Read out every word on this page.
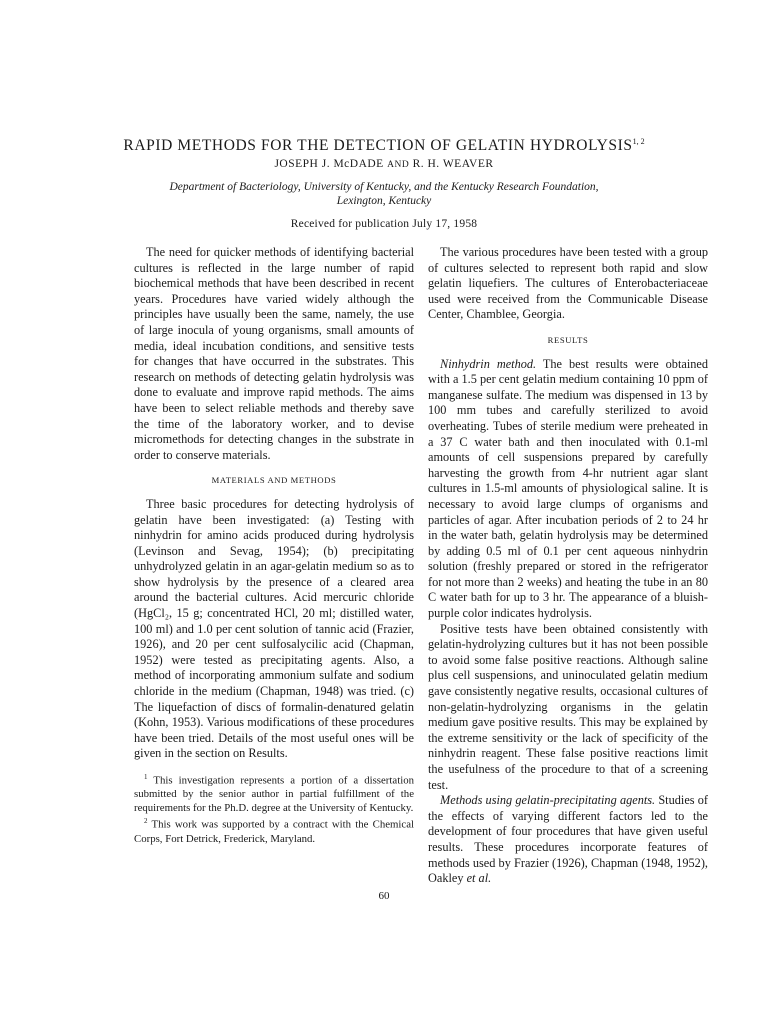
RAPID METHODS FOR THE DETECTION OF GELATIN HYDROLYSIS$^{1, 2}$
JOSEPH J. McDADE AND R. H. WEAVER
Department of Bacteriology, University of Kentucky, and the Kentucky Research Foundation, Lexington, Kentucky
Received for publication July 17, 1958

The need for quicker methods of identifying bacterial cultures is reflected in the large number of rapid biochemical methods that have been described in recent years. Procedures have varied widely although the principles have usually been the same, namely, the use of large inocula of young organisms, small amounts of media, ideal incubation conditions, and sensitive tests for changes that have occurred in the substrates. This research on methods of detecting gelatin hydrolysis was done to evaluate and improve rapid methods. The aims have been to select reliable methods and thereby save the time of the laboratory worker, and to devise micromethods for detecting changes in the substrate in order to conserve materials.

MATERIALS AND METHODS

Three basic procedures for detecting hydrolysis of gelatin have been investigated: (a) Testing with ninhydrin for amino acids produced during hydrolysis (Levinson and Sevag, 1954); (b) precipitating unhydrolyzed gelatin in an agar-gelatin medium so as to show hydrolysis by the presence of a cleared area around the bacterial cultures. Acid mercuric chloride (HgCl₂, 15 g; concentrated HCl, 20 ml; distilled water, 100 ml) and 1.0 per cent solution of tannic acid (Frazier, 1926), and 20 per cent sulfosalycilic acid (Chapman, 1952) were tested as precipitating agents. Also, a method of incorporating ammonium sulfate and sodium chloride in the medium (Chapman, 1948) was tried. (c) The liquefaction of discs of formalin-denatured gelatin (Kohn, 1953). Various modifications of these procedures have been tried. Details of the most useful ones will be given in the section on Results.

$^1$ This investigation represents a portion of a dissertation submitted by the senior author in partial fulfillment of the requirements for the Ph.D. degree at the University of Kentucky.

$^2$ This work was supported by a contract with the Chemical Corps, Fort Detrick, Frederick, Maryland.

The various procedures have been tested with a group of cultures selected to represent both rapid and slow gelatin liquefiers. The cultures of Enterobacteriaceae used were received from the Communicable Disease Center, Chamblee, Georgia.

RESULTS

Ninhydrin method. The best results were obtained with a 1.5 per cent gelatin medium containing 10 ppm of manganese sulfate. The medium was dispensed in 13 by 100 mm tubes and carefully sterilized to avoid overheating. Tubes of sterile medium were preheated in a 37 C water bath and then inoculated with 0.1-ml amounts of cell suspensions prepared by carefully harvesting the growth from 4-hr nutrient agar slant cultures in 1.5-ml amounts of physiological saline. It is necessary to avoid large clumps of organisms and particles of agar. After incubation periods of 2 to 24 hr in the water bath, gelatin hydrolysis may be determined by adding 0.5 ml of 0.1 per cent aqueous ninhydrin solution (freshly prepared or stored in the refrigerator for not more than 2 weeks) and heating the tube in an 80 C water bath for up to 3 hr. The appearance of a bluish-purple color indicates hydrolysis.

Positive tests have been obtained consistently with gelatin-hydrolyzing cultures but it has not been possible to avoid some false positive reactions. Although saline plus cell suspensions, and uninoculated gelatin medium gave consistently negative results, occasional cultures of non-gelatin-hydrolyzing organisms in the gelatin medium gave positive results. This may be explained by the extreme sensitivity or the lack of specificity of the ninhydrin reagent. These false positive reactions limit the usefulness of the procedure to that of a screening test.

Methods using gelatin-precipitating agents. Studies of the effects of varying different factors led to the development of four procedures that have given useful results. These procedures incorporate features of methods used by Frazier (1926), Chapman (1948, 1952), Oakley et al.

60
